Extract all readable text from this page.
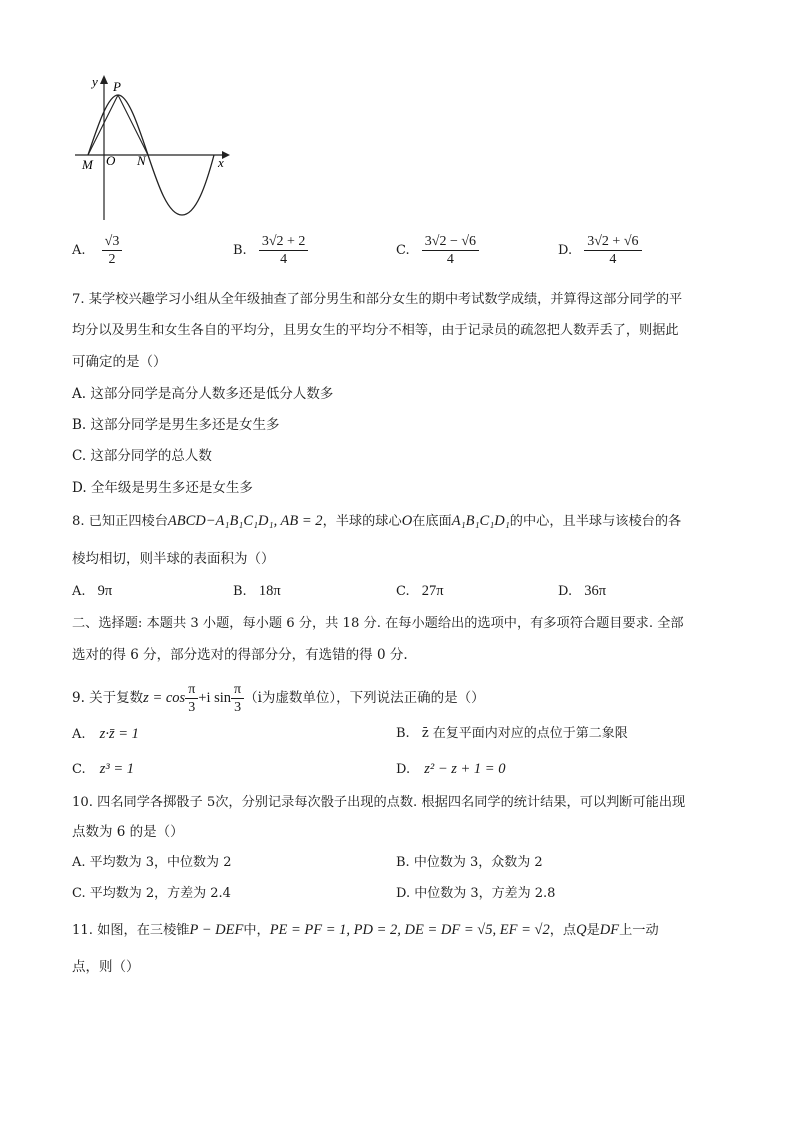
y P
M O N	x
A. $\frac{√3}{2}$	B. $\frac{3√2 + 2}{4}$	C. $\frac{3√2 - √6}{4}$	D. $\frac{3√2 + √6}{4}$
7. 某学校兴趣学习小组从全年级抽查了部分男生和部分女生的期中考试数学成绩，并算得这部分同学的平
均分以及男生和女生各自的平均分，且男女生的平均分不相等，由于记录员的疏忽把人数弄丢了，则据此
可确定的是（）
A. 这部分同学是高分人数多还是低分人数多
B. 这部分同学是男生多还是女生多
C. 这部分同学的总人数
D. 全年级是男生多还是女生多
8. 已知正四棱台ABCD−A₁B₁C₁D₁, AB = 2，半球的球心O在底面A₁B₁C₁D₁的中心，且半球与该棱台的各
棱均相切，则半球的表面积为（）
A. 9π	B. 18π	C. 27π	D. 36π
二、选择题: 本题共 3 小题，每小题 6 分，共 18 分. 在每小题给出的选项中，有多项符合题目要求. 全部
选对的得 6 分，部分选对的得部分分，有选错的得 0 分.
9. 关于复数$z = \cos \frac{\pi}{3} +i$ $\sin \frac{\pi}{3} (i$为虚数单位），下列说法正确的是（）
A. z·z̄ = 1	B. z̄ 在复平面内对应的点位于第二象限
C. z³ = 1	D. z² − z + 1 = 0
10. 四名同学各掷骰子 5次，分别记录每次骰子出现的点数. 根据四名同学的统计结果，可以判断可能出现
点数为 6 的是（）
A. 平均数为 3，中位数为 2	B. 中位数为 3，众数为 2
C. 平均数为 2，方差为 2.4	D. 中位数为 3，方差为 2.8
11. 如图，在三棱锥P − DEF中，PE = PF = 1, PD = 2, DE = DF = √5, EF = √2，点Q是DF上一动
点，则（）
